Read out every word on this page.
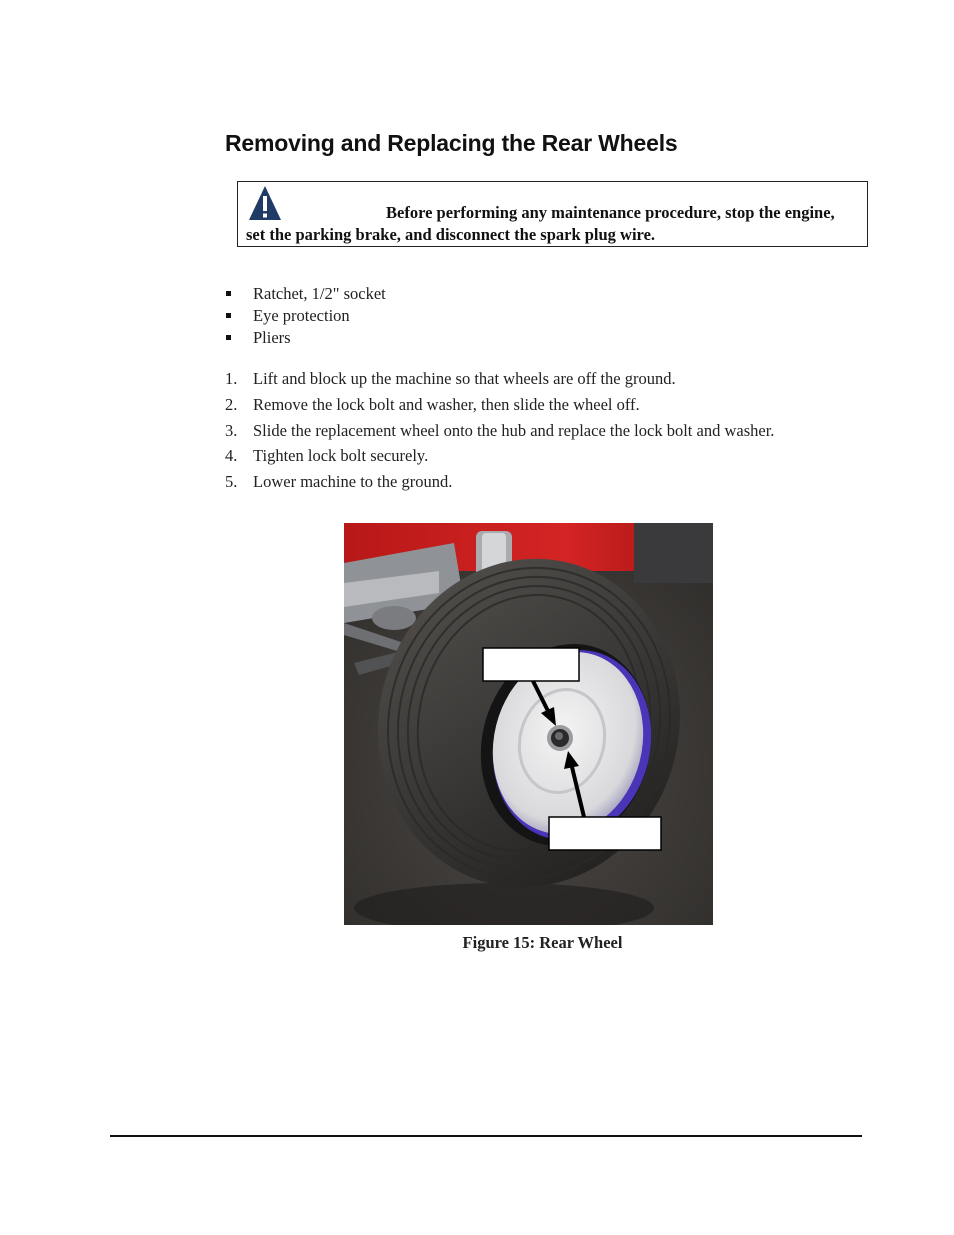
Removing and Replacing the Rear Wheels
Before performing any maintenance procedure, stop the engine, set the parking brake, and disconnect the spark plug wire.
Ratchet, 1/2" socket
Eye protection
Pliers
1. Lift and block up the machine so that wheels are off the ground.
2. Remove the lock bolt and washer, then slide the wheel off.
3. Slide the replacement wheel onto the hub and replace the lock bolt and washer.
4. Tighten lock bolt securely.
5. Lower machine to the ground.
Figure 15: Rear Wheel
